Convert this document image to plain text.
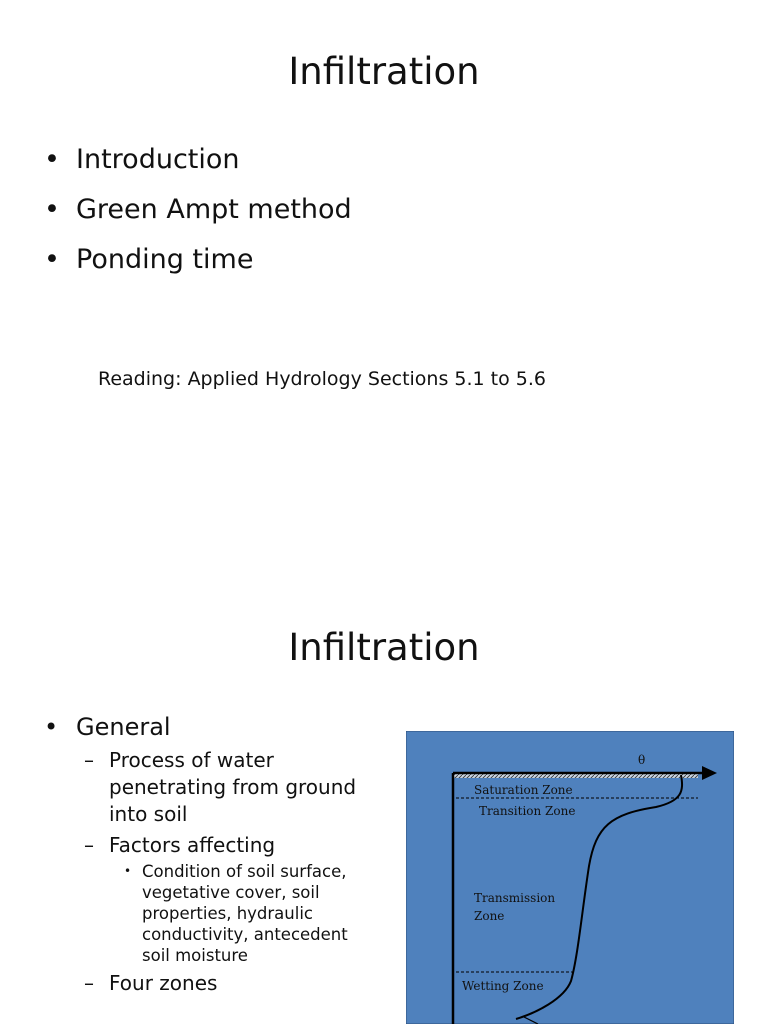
Infiltration
• Introduction
• Green Ampt method
• Ponding time
Reading: Applied Hydrology Sections 5.1 to 5.6
Infiltration
• General
– Process of water
penetrating from ground
into soil
– Factors affecting
• Condition of soil surface,
vegetative cover, soil
properties, hydraulic
conductivity, antecedent
soil moisture
– Four zones
θ
Saturation Zone
Transition Zone
Transmission
Zone
Wetting Zone
